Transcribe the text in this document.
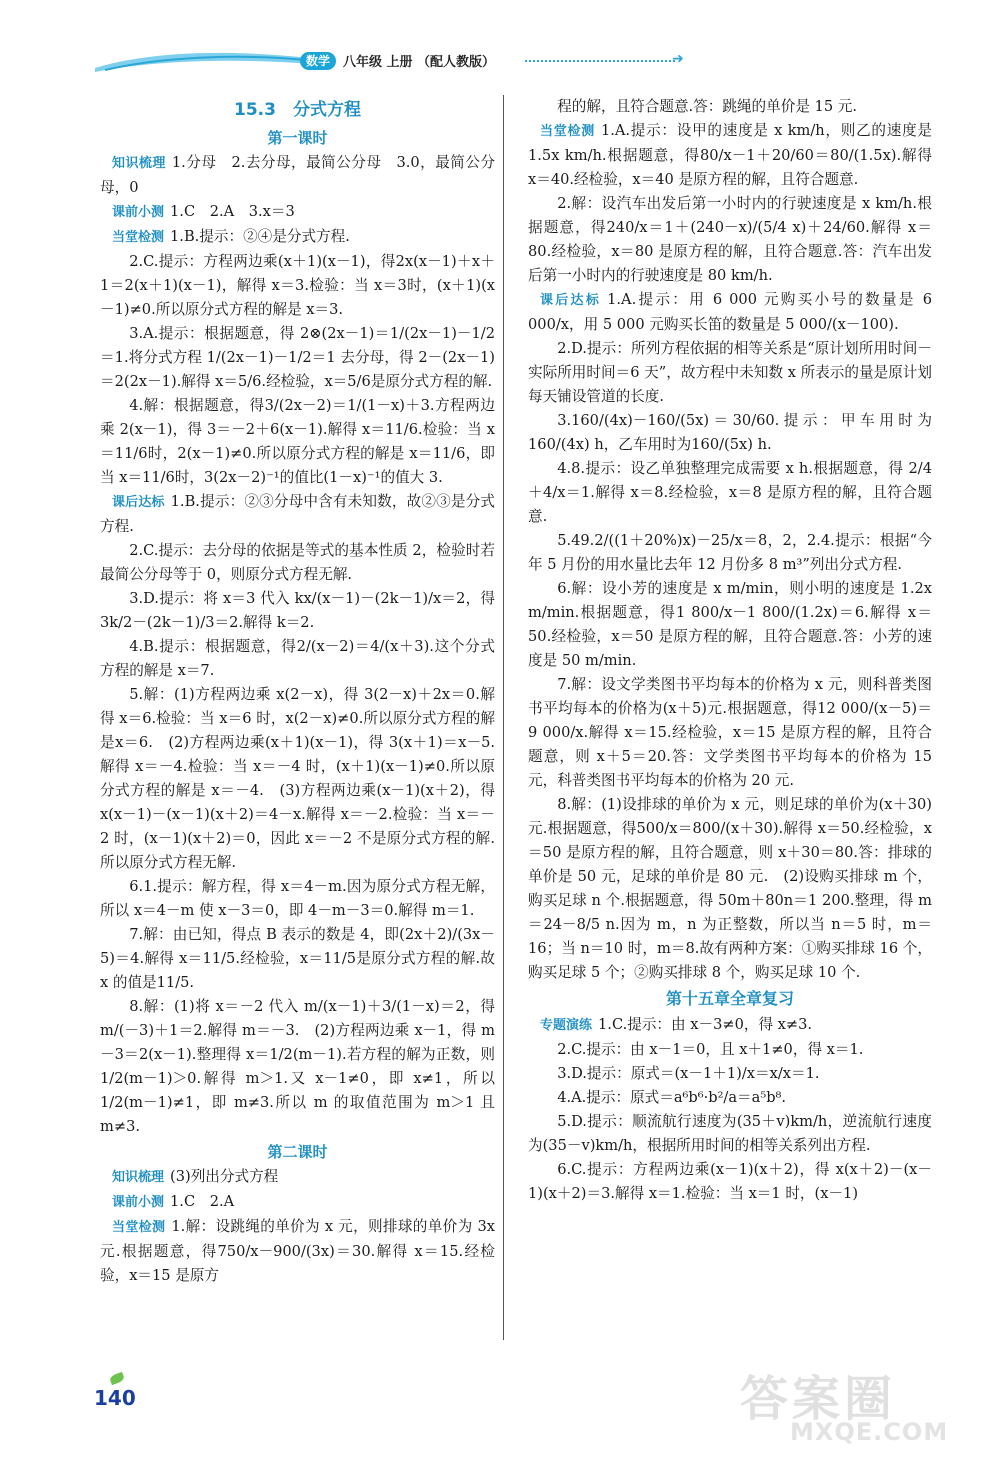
数学 八年级 上册 （配人教版）	➜
15.3　分式方程
第一课时

知识梳理 1.分母　2.去分母，最简公分母　3.0，最简公分母，0

课前小测 1.C　2.A　3.x＝3

当堂检测 1.B.提示：②④是分式方程.

2.C.提示：方程两边乘(x＋1)(x－1)，得2x(x－1)＋x＋1＝2(x＋1)(x－1)，解得 x＝3.检验：当 x＝3时，(x＋1)(x－1)≠0.所以原分式方程的解是 x＝3.

3.A.提示：根据题意，得 2⊗(2x－1)＝1/(2x－1)－1/2＝1.将分式方程 1/(2x－1)－1/2＝1 去分母，得 2－(2x－1)＝2(2x－1).解得 x＝5/6.经检验，x＝5/6是原分式方程的解.

4.解：根据题意，得3/(2x－2)＝1/(1－x)＋3.方程两边乘 2(x－1)，得 3＝－2＋6(x－1).解得 x＝11/6.检验：当 x＝11/6时，2(x－1)≠0.所以原分式方程的解是 x＝11/6，即当 x＝11/6时，3(2x－2)⁻¹的值比(1－x)⁻¹的值大 3.

课后达标 1.B.提示：②③分母中含有未知数，故②③是分式方程.

2.C.提示：去分母的依据是等式的基本性质 2，检验时若最简公分母等于 0，则原分式方程无解.

3.D.提示：将 x＝3 代入 kx/(x－1)－(2k－1)/x＝2，得 3k/2－(2k－1)/3＝2.解得 k＝2.

4.B.提示：根据题意，得2/(x－2)＝4/(x＋3).这个分式方程的解是 x＝7.

5.解：(1)方程两边乘 x(2－x)，得 3(2－x)＋2x＝0.解得 x＝6.检验：当 x＝6 时，x(2－x)≠0.所以原分式方程的解是x＝6.　(2)方程两边乘(x＋1)(x－1)，得 3(x＋1)＝x－5.解得 x＝－4.检验：当 x＝－4 时，(x＋1)(x－1)≠0.所以原分式方程的解是 x＝－4.　(3)方程两边乘(x－1)(x＋2)，得 x(x－1)－(x－1)(x＋2)＝4－x.解得 x＝－2.检验：当 x＝－2 时，(x－1)(x＋2)＝0，因此 x＝－2 不是原分式方程的解.所以原分式方程无解.

6.1.提示：解方程，得 x＝4－m.因为原分式方程无解，所以 x＝4－m 使 x－3＝0，即 4－m－3＝0.解得 m＝1.

7.解：由已知，得点 B 表示的数是 4，即(2x＋2)/(3x－5)＝4.解得 x＝11/5.经检验，x＝11/5是原分式方程的解.故 x 的值是11/5.

8.解：(1)将 x＝－2 代入 m/(x－1)＋3/(1－x)＝2，得 m/(－3)＋1＝2.解得 m＝－3.　(2)方程两边乘 x－1，得 m－3＝2(x－1).整理得 x＝1/2(m－1).若方程的解为正数，则1/2(m－1)＞0.解得 m＞1.又 x－1≠0，即 x≠1，所以1/2(m－1)≠1，即 m≠3.所以 m 的取值范围为 m＞1 且 m≠3.

第二课时

知识梳理 (3)列出分式方程

课前小测 1.C　2.A

当堂检测 1.解：设跳绳的单价为 x 元，则排球的单价为 3x 元.根据题意，得750/x－900/(3x)＝30.解得 x＝15.经检验，x＝15 是原方

程的解，且符合题意.答：跳绳的单价是 15 元.

当堂检测 1.A.提示：设甲的速度是 x km/h，则乙的速度是 1.5x km/h.根据题意，得80/x－1＋20/60＝80/(1.5x).解得 x＝40.经检验，x＝40 是原方程的解，且符合题意.

2.解：设汽车出发后第一小时内的行驶速度是 x km/h.根据题意，得240/x＝1＋(240－x)/(5/4 x)＋24/60.解得 x＝80.经检验，x＝80 是原方程的解，且符合题意.答：汽车出发后第一小时内的行驶速度是 80 km/h.

课后达标 1.A.提示：用 6 000 元购买小号的数量是 6 000/x，用 5 000 元购买长笛的数量是 5 000/(x－100).

2.D.提示：所列方程依据的相等关系是“原计划所用时间－实际所用时间＝6 天”，故方程中未知数 x 所表示的量是原计划每天铺设管道的长度.

3.160/(4x)－160/(5x)＝30/60.提示：甲车用时为160/(4x) h，乙车用时为160/(5x) h.

4.8.提示：设乙单独整理完成需要 x h.根据题意，得 2/4＋4/x＝1.解得 x＝8.经检验，x＝8 是原方程的解，且符合题意.

5.49.2/((1＋20%)x)－25/x＝8，2，2.4.提示：根据“今年 5 月份的用水量比去年 12 月份多 8 m³”列出分式方程.

6.解：设小芳的速度是 x m/min，则小明的速度是 1.2x m/min.根据题意，得1 800/x－1 800/(1.2x)＝6.解得 x＝50.经检验，x＝50 是原方程的解，且符合题意.答：小芳的速度是 50 m/min.

7.解：设文学类图书平均每本的价格为 x 元，则科普类图书平均每本的价格为(x＋5)元.根据题意，得12 000/(x－5)＝9 000/x.解得 x＝15.经检验，x＝15 是原方程的解，且符合题意，则 x＋5＝20.答：文学类图书平均每本的价格为 15 元，科普类图书平均每本的价格为 20 元.

8.解：(1)设排球的单价为 x 元，则足球的单价为(x＋30)元.根据题意，得500/x＝800/(x＋30).解得 x＝50.经检验，x＝50 是原方程的解，且符合题意，则 x＋30＝80.答：排球的单价是 50 元，足球的单价是 80 元.　(2)设购买排球 m 个，购买足球 n 个.根据题意，得 50m＋80n＝1 200.整理，得 m＝24－8/5 n.因为 m，n 为正整数，所以当 n＝5 时，m＝16；当 n＝10 时，m＝8.故有两种方案：①购买排球 16 个，购买足球 5 个；②购买排球 8 个，购买足球 10 个.

第十五章全章复习

专题演练 1.C.提示：由 x－3≠0，得 x≠3.

2.C.提示：由 x－1＝0，且 x＋1≠0，得 x＝1.

3.D.提示：原式＝(x－1＋1)/x＝x/x＝1.

4.A.提示：原式＝a⁶b⁶·b²/a＝a⁵b⁸.

5.D.提示：顺流航行速度为(35＋v)km/h，逆流航行速度为(35－v)km/h，根据所用时间的相等关系列出方程.

6.C.提示：方程两边乘(x－1)(x＋2)，得 x(x＋2)－(x－1)(x＋2)＝3.解得 x＝1.检验：当 x＝1 时，(x－1)

140	答案圈
MXQE.COM
